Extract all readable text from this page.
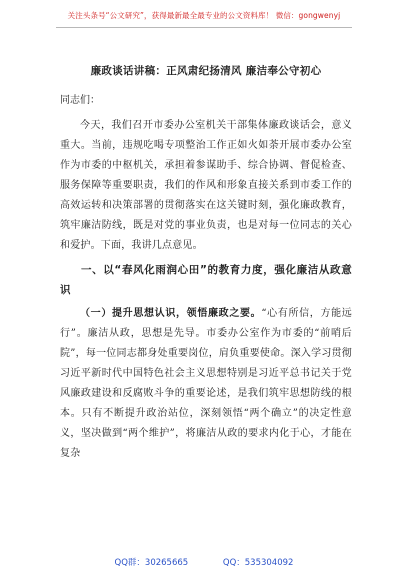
关注头条号“公文研究”，获得最新最全最专业的公文资料库！ 微信：gongwenyj
廉政谈话讲稿：正风肃纪扬清风 廉洁奉公守初心
同志们：

今天，我们召开市委办公室机关干部集体廉政谈话会，意义重大。当前，违规吃喝专项整治工作正如火如荼开展市委办公室作为市委的中枢机关，承担着参谋助手、综合协调、督促检查、服务保障等重要职责，我们的作风和形象直接关系到市委工作的高效运转和决策部署的贯彻落实在这关键时刻，强化廉政教育，筑牢廉洁防线，既是对党的事业负责，也是对每一位同志的关心和爱护。下面，我讲几点意见。

一、以“春风化雨润心田”的教育力度，强化廉洁从政意识

（一）提升思想认识，领悟廉政之要。“心有所信，方能远行”。廉洁从政，思想是先导。市委办公室作为市委的“前哨后院”，每一位同志都身处重要岗位，肩负重要使命。深入学习贯彻习近平新时代中国特色社会主义思想特别是习近平总书记关于党风廉政建设和反腐败斗争的重要论述，是我们筑牢思想防线的根本。只有不断提升政治站位，深刻领悟“两个确立”的决定性意义，坚决做到“两个维护”，将廉洁从政的要求内化于心，才能在复杂

QQ群：30265665	QQ：535304092
